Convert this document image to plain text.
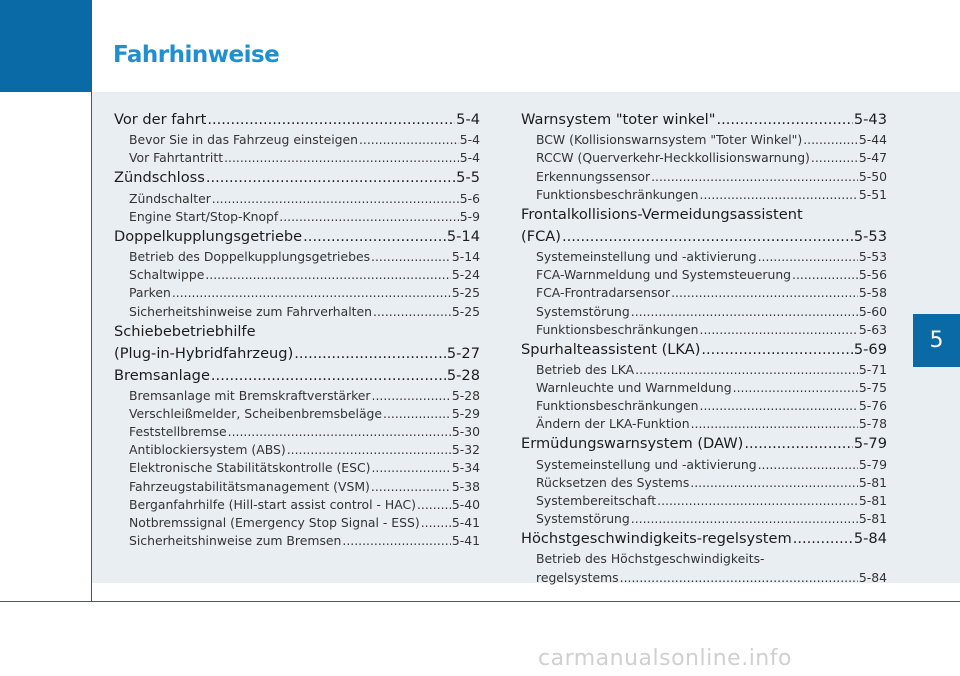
Fahrhinweise
5
Vor der fahrt .....	5-4
Bevor Sie in das Fahrzeug einsteigen .....	5-4
Vor Fahrtantritt .....	5-4
Zündschloss .....	5-5
Zündschalter .....	5-6
Engine Start/Stop-Knopf .....	5-9
Doppelkupplungsgetriebe .....	5-14
Betrieb des Doppelkupplungsgetriebes .....	5-14
Schaltwippe .....	5-24
Parken .....	5-25
Sicherheitshinweise zum Fahrverhalten .....	5-25
Schiebebetriebhilfe
(Plug-in-Hybridfahrzeug) .....	5-27
Bremsanlage .....	5-28
Bremsanlage mit Bremskraftverstärker .....	5-28
Verschleißmelder, Scheibenbremsbeläge .....	5-29
Feststellbremse .....	5-30
Antiblockiersystem (ABS) .....	5-32
Elektronische Stabilitätskontrolle (ESC) .....	5-34
Fahrzeugstabilitätsmanagement (VSM) .....	5-38
Berganfahrhilfe (Hill-start assist control - HAC) .....	5-40
Notbremssignal (Emergency Stop Signal - ESS) .....	5-41
Sicherheitshinweise zum Bremsen .....	5-41
Warnsystem "toter winkel" .....	5-43
BCW (Kollisionswarnsystem "Toter Winkel") .....	5-44
RCCW (Querverkehr-Heckkollisionswarnung) .....	5-47
Erkennungssensor .....	5-50
Funktionsbeschränkungen .....	5-51
Frontalkollisions-Vermeidungsassistent
(FCA) .....	5-53
Systemeinstellung und -aktivierung .....	5-53
FCA-Warnmeldung und Systemsteuerung .....	5-56
FCA-Frontradarsensor .....	5-58
Systemstörung .....	5-60
Funktionsbeschränkungen .....	5-63
Spurhalteassistent (LKA) .....	5-69
Betrieb des LKA .....	5-71
Warnleuchte und Warnmeldung .....	5-75
Funktionsbeschränkungen .....	5-76
Ändern der LKA-Funktion .....	5-78
Ermüdungswarnsystem (DAW) .....	5-79
Systemeinstellung und -aktivierung .....	5-79
Rücksetzen des Systems .....	5-81
Systembereitschaft .....	5-81
Systemstörung .....	5-81
Höchstgeschwindigkeits-regelsystem .....	5-84
Betrieb des Höchstgeschwindigkeits-
regelsystems .....	5-84
carmanualsonline.info
